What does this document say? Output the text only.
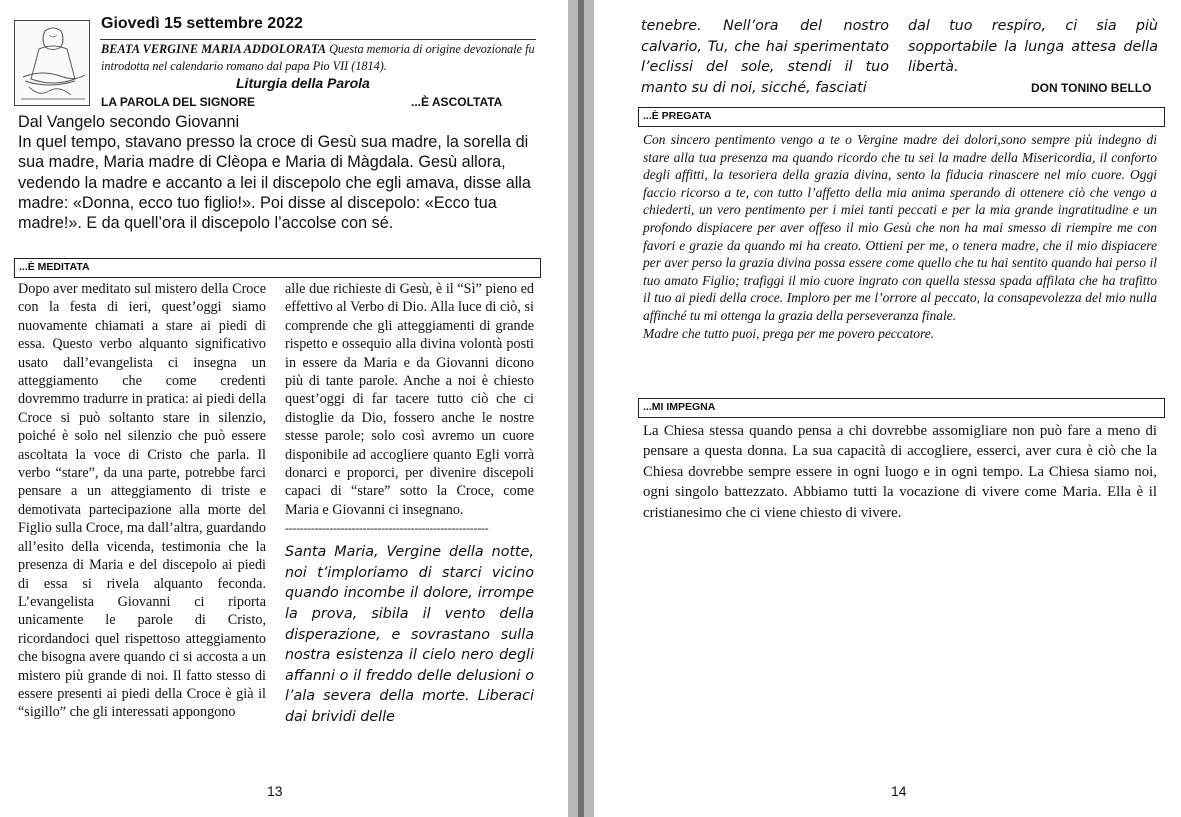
Giovedì 15 settembre 2022
BEATA VERGINE MARIA ADDOLORATA Questa memoria di origine devozionale fu introdotta nel calendario romano dal papa Pio VII (1814).
Liturgia della Parola
LA PAROLA DEL SIGNORE	...È ASCOLTATA
Dal Vangelo secondo Giovanni
In quel tempo, stavano presso la croce di Gesù sua madre, la sorella di sua madre, Maria madre di Clèopa e Maria di Màgdala. Gesù allora, vedendo la madre e accanto a lei il discepolo che egli amava, disse alla madre: «Donna, ecco tuo figlio!». Poi disse al discepolo: «Ecco tua madre!». E da quell’ora il discepolo l’accolse con sé.
...È MEDITATA
Dopo aver meditato sul mistero della Croce con la festa di ieri, quest’oggi siamo nuovamente chiamati a stare ai piedi di essa. Questo verbo alquanto significativo usato dall’evangelista ci insegna un atteggiamento che come credenti dovremmo tradurre in pratica: ai piedi della Croce si può soltanto stare in silenzio, poiché è solo nel silenzio che può essere ascoltata la voce di Cristo che parla. Il verbo “stare”, da una parte, potrebbe farci pensare a un atteggiamento di triste e demotivata partecipazione alla morte del Figlio sulla Croce, ma dall’altra, guardando all’esito della vicenda, testimonia che la presenza di Maria e del discepolo ai piedi di essa si rivela alquanto feconda. L’evangelista Giovanni ci riporta unicamente le parole di Cristo, ricordandoci quel rispettoso atteggiamento che bisogna avere quando ci si accosta a un mistero più grande di noi. Il fatto stesso di essere presenti ai piedi della Croce è già il “sigillo” che gli interessati appongono
alle due richieste di Gesù, è il “Sì” pieno ed effettivo al Verbo di Dio. Alla luce di ciò, si comprende che gli atteggiamenti di grande rispetto e ossequio alla divina volontà posti in essere da Maria e da Giovanni dicono più di tante parole. Anche a noi è chiesto quest’oggi di far tacere tutto ciò che ci distoglie da Dio, fossero anche le nostre stesse parole; solo così avremo un cuore disponibile ad accogliere quanto Egli vorrà donarci e proporci, per divenire discepoli capaci di “stare” sotto la Croce, come Maria e Giovanni ci insegnano.
-------------------------------------------------------
Santa Maria, Vergine della notte, noi t’imploriamo di starci vicino quando incombe il dolore, irrompe la prova, sibila il vento della disperazione, e sovrastano sulla nostra esistenza il cielo nero degli affanni o il freddo delle delusioni o l’ala severa della morte. Liberaci dai brividi delle
13
tenebre. Nell’ora del nostro calvario, Tu, che hai sperimentato l’eclissi del sole, stendi il tuo manto su di noi, sicché, fasciati
dal tuo respiro, ci sia più sopportabile la lunga attesa della libertà.
DON TONINO BELLO
...È PREGATA
Con sincero pentimento vengo a te o Vergine madre dei dolori,sono sempre più indegno di stare alla tua presenza ma quando ricordo che tu sei la madre della Misericordia, il conforto degli affitti, la tesoriera della grazia divina, sento la fiducia rinascere nel mio cuore. Oggi faccio ricorso a te, con tutto l’affetto della mia anima sperando di ottenere ciò che vengo a chiederti, un vero pentimento per i miei tanti peccati e per la mia grande ingratitudine e un profondo dispiacere per aver offeso il mio Gesù che non ha mai smesso di riempire me con favori e grazie da quando mi ha creato. Ottieni per me, o tenera madre, che il mio dispiacere per aver perso la grazia divina possa essere come quello che tu hai sentito quando hai perso il tuo amato Figlio; trafiggi il mio cuore ingrato con quella stessa spada affilata che ha trafitto il tuo ai piedi della croce. Imploro per me l’orrore al peccato, la consapevolezza del mio nulla affinché tu mi ottenga la grazia della perseveranza finale.
Madre che tutto puoi, prega per me povero peccatore.
...MI IMPEGNA
La Chiesa stessa quando pensa a chi dovrebbe assomigliare non può fare a meno di pensare a questa donna. La sua capacità di accogliere, esserci, aver cura è ciò che la Chiesa dovrebbe sempre essere in ogni luogo e in ogni tempo. La Chiesa siamo noi, ogni singolo battezzato. Abbiamo tutti la vocazione di vivere come Maria. Ella è il cristianesimo che ci viene chiesto di vivere.
14
